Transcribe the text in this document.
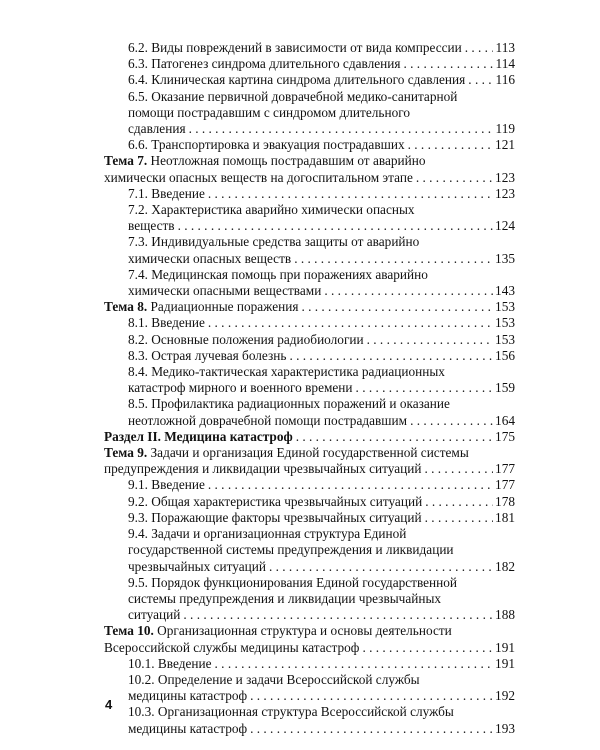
6.2. Виды повреждений в зависимости от вида компрессии . . .	113
6.3. Патогенез синдрома длительного сдавления . . .	114
6.4. Клиническая картина синдрома длительного сдавления . . . 116
6.5. Оказание первичной доврачебной медико-санитарной
помощи пострадавшим с синдромом длительного
сдавления . . .	119
6.6. Транспортировка и эвакуация пострадавших . . .	121
Тема 7. Неотложная помощь пострадавшим от аварийно
химически опасных веществ на догоспитальном этапе . . .	123
7.1. Введение . . .	123
7.2. Характеристика аварийно химически опасных
веществ . . .	124
7.3. Индивидуальные средства защиты от аварийно
химически опасных веществ . . .	135
7.4. Медицинская помощь при поражениях аварийно
химически опасными веществами . . .	143
Тема 8. Радиационные поражения . . .	153
8.1. Введение . . .	153
8.2. Основные положения радиобиологии . . .	153
8.3. Острая лучевая болезнь . . .	156
8.4. Медико-тактическая характеристика радиационных
катастроф мирного и военного времени . . .	159
8.5. Профилактика радиационных поражений и оказание
неотложной доврачебной помощи пострадавшим . . .	164
Раздел II. Медицина катастроф . . .	175
Тема 9. Задачи и организация Единой государственной системы
предупреждения и ликвидации чрезвычайных ситуаций . . .	177
9.1. Введение . . .	177
9.2. Общая характеристика чрезвычайных ситуаций . . .	178
9.3. Поражающие факторы чрезвычайных ситуаций . . .	181
9.4. Задачи и организационная структура Единой
государственной системы предупреждения и ликвидации
чрезвычайных ситуаций . . .	182
9.5. Порядок функционирования Единой государственной
системы предупреждения и ликвидации чрезвычайных
ситуаций . . .	188
Тема 10. Организационная структура и основы деятельности
Всероссийской службы медицины катастроф . . .	191
10.1. Введение . . .	191
10.2. Определение и задачи Всероссийской службы
медицины катастроф . . .	192
10.3. Организационная структура Всероссийской службы
медицины катастроф . . .	193
4
